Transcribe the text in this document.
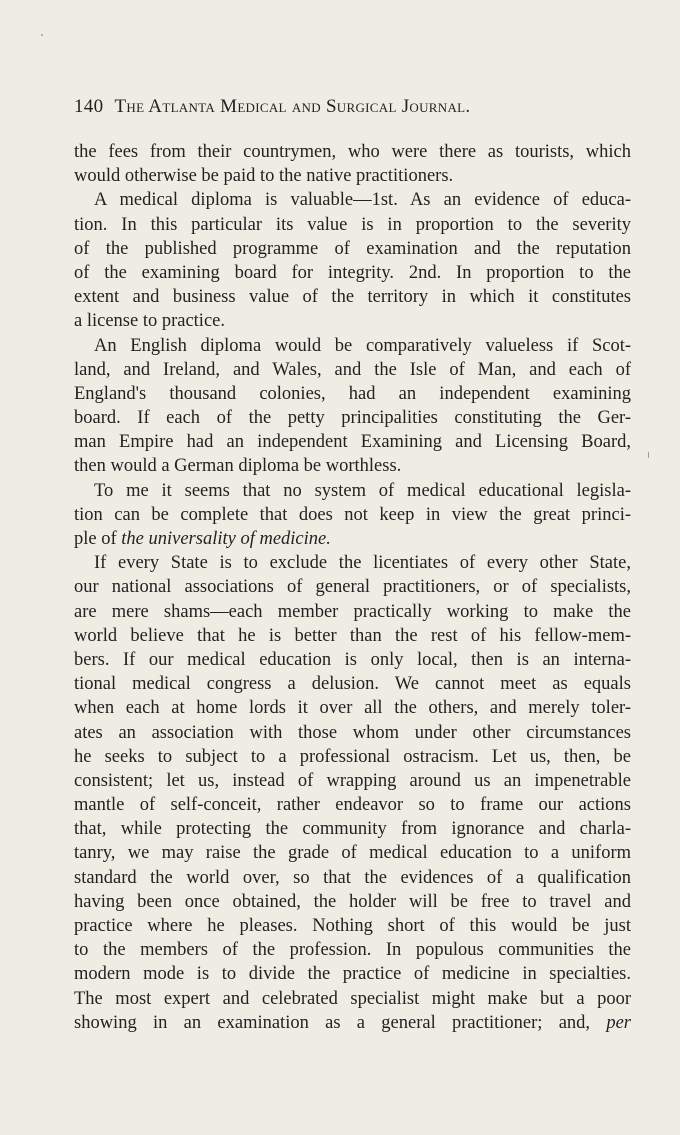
140 The Atlanta Medical and Surgical Journal.
the fees from their countrymen, who were there as tourists, which
would otherwise be paid to the native practitioners.
A medical diploma is valuable—1st. As an evidence of educa-
tion. In this particular its value is in proportion to the severity
of the published programme of examination and the reputation
of the examining board for integrity. 2nd. In proportion to the
extent and business value of the territory in which it constitutes
a license to practice.
An English diploma would be comparatively valueless if Scot-
land, and Ireland, and Wales, and the Isle of Man, and each of
England's thousand colonies, had an independent examining
board. If each of the petty principalities constituting the Ger-
man Empire had an independent Examining and Licensing Board,
then would a German diploma be worthless.
To me it seems that no system of medical educational legisla-
tion can be complete that does not keep in view the great princi-
ple of the universality of medicine.
If every State is to exclude the licentiates of every other State,
our national associations of general practitioners, or of specialists,
are mere shams—each member practically working to make the
world believe that he is better than the rest of his fellow-mem-
bers. If our medical education is only local, then is an interna-
tional medical congress a delusion. We cannot meet as equals
when each at home lords it over all the others, and merely toler-
ates an association with those whom under other circumstances
he seeks to subject to a professional ostracism. Let us, then, be
consistent; let us, instead of wrapping around us an impenetrable
mantle of self-conceit, rather endeavor so to frame our actions
that, while protecting the community from ignorance and charla-
tanry, we may raise the grade of medical education to a uniform
standard the world over, so that the evidences of a qualification
having been once obtained, the holder will be free to travel and
practice where he pleases. Nothing short of this would be just
to the members of the profession. In populous communities the
modern mode is to divide the practice of medicine in specialties.
The most expert and celebrated specialist might make but a poor
showing in an examination as a general practitioner; and, per
